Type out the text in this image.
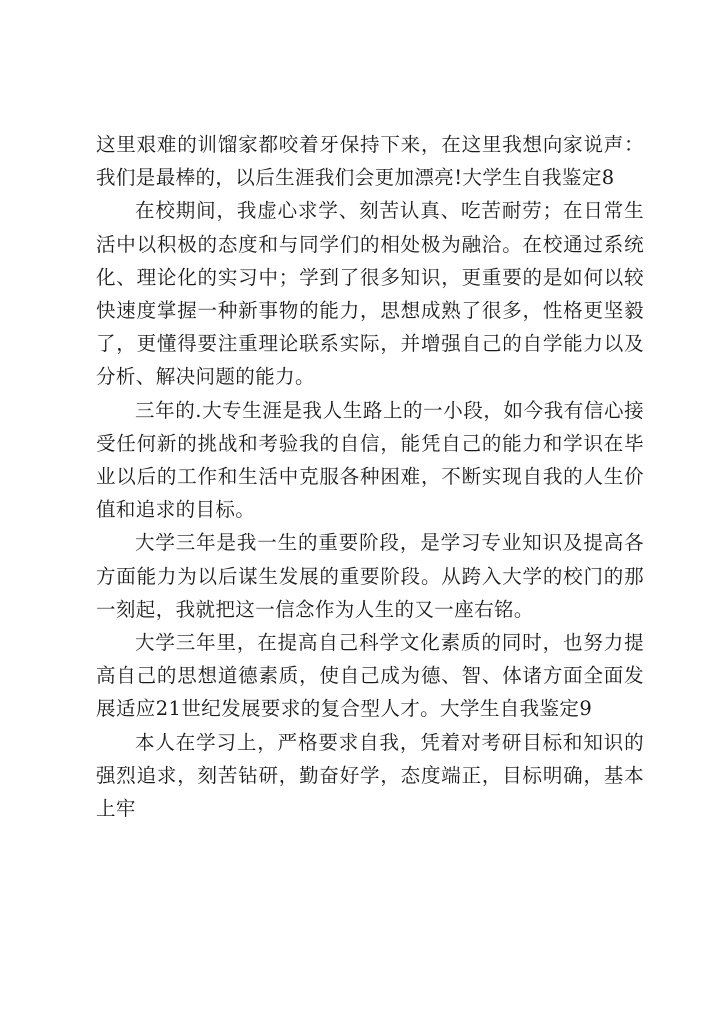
这里艰难的训馏家都咬着牙保持下来，在这里我想向家说声：我们是最棒的，以后生涯我们会更加漂亮!大学生自我鉴定8

在校期间，我虚心求学、刻苦认真、吃苦耐劳；在日常生活中以积极的态度和与同学们的相处极为融洽。在校通过系统化、理论化的实习中；学到了很多知识，更重要的是如何以较快速度掌握一种新事物的能力，思想成熟了很多，性格更坚毅了，更懂得要注重理论联系实际，并增强自己的自学能力以及分析、解决问题的能力。

三年的.大专生涯是我人生路上的一小段，如今我有信心接受任何新的挑战和考验我的自信，能凭自己的能力和学识在毕业以后的工作和生活中克服各种困难，不断实现自我的人生价值和追求的目标。

大学三年是我一生的重要阶段，是学习专业知识及提高各方面能力为以后谋生发展的重要阶段。从跨入大学的校门的那一刻起，我就把这一信念作为人生的又一座右铭。

大学三年里，在提高自己科学文化素质的同时，也努力提高自己的思想道德素质，使自己成为德、智、体诸方面全面发展适应21世纪发展要求的复合型人才。大学生自我鉴定9

本人在学习上，严格要求自我，凭着对考研目标和知识的强烈追求，刻苦钻研，勤奋好学，态度端正，目标明确，基本上牢
